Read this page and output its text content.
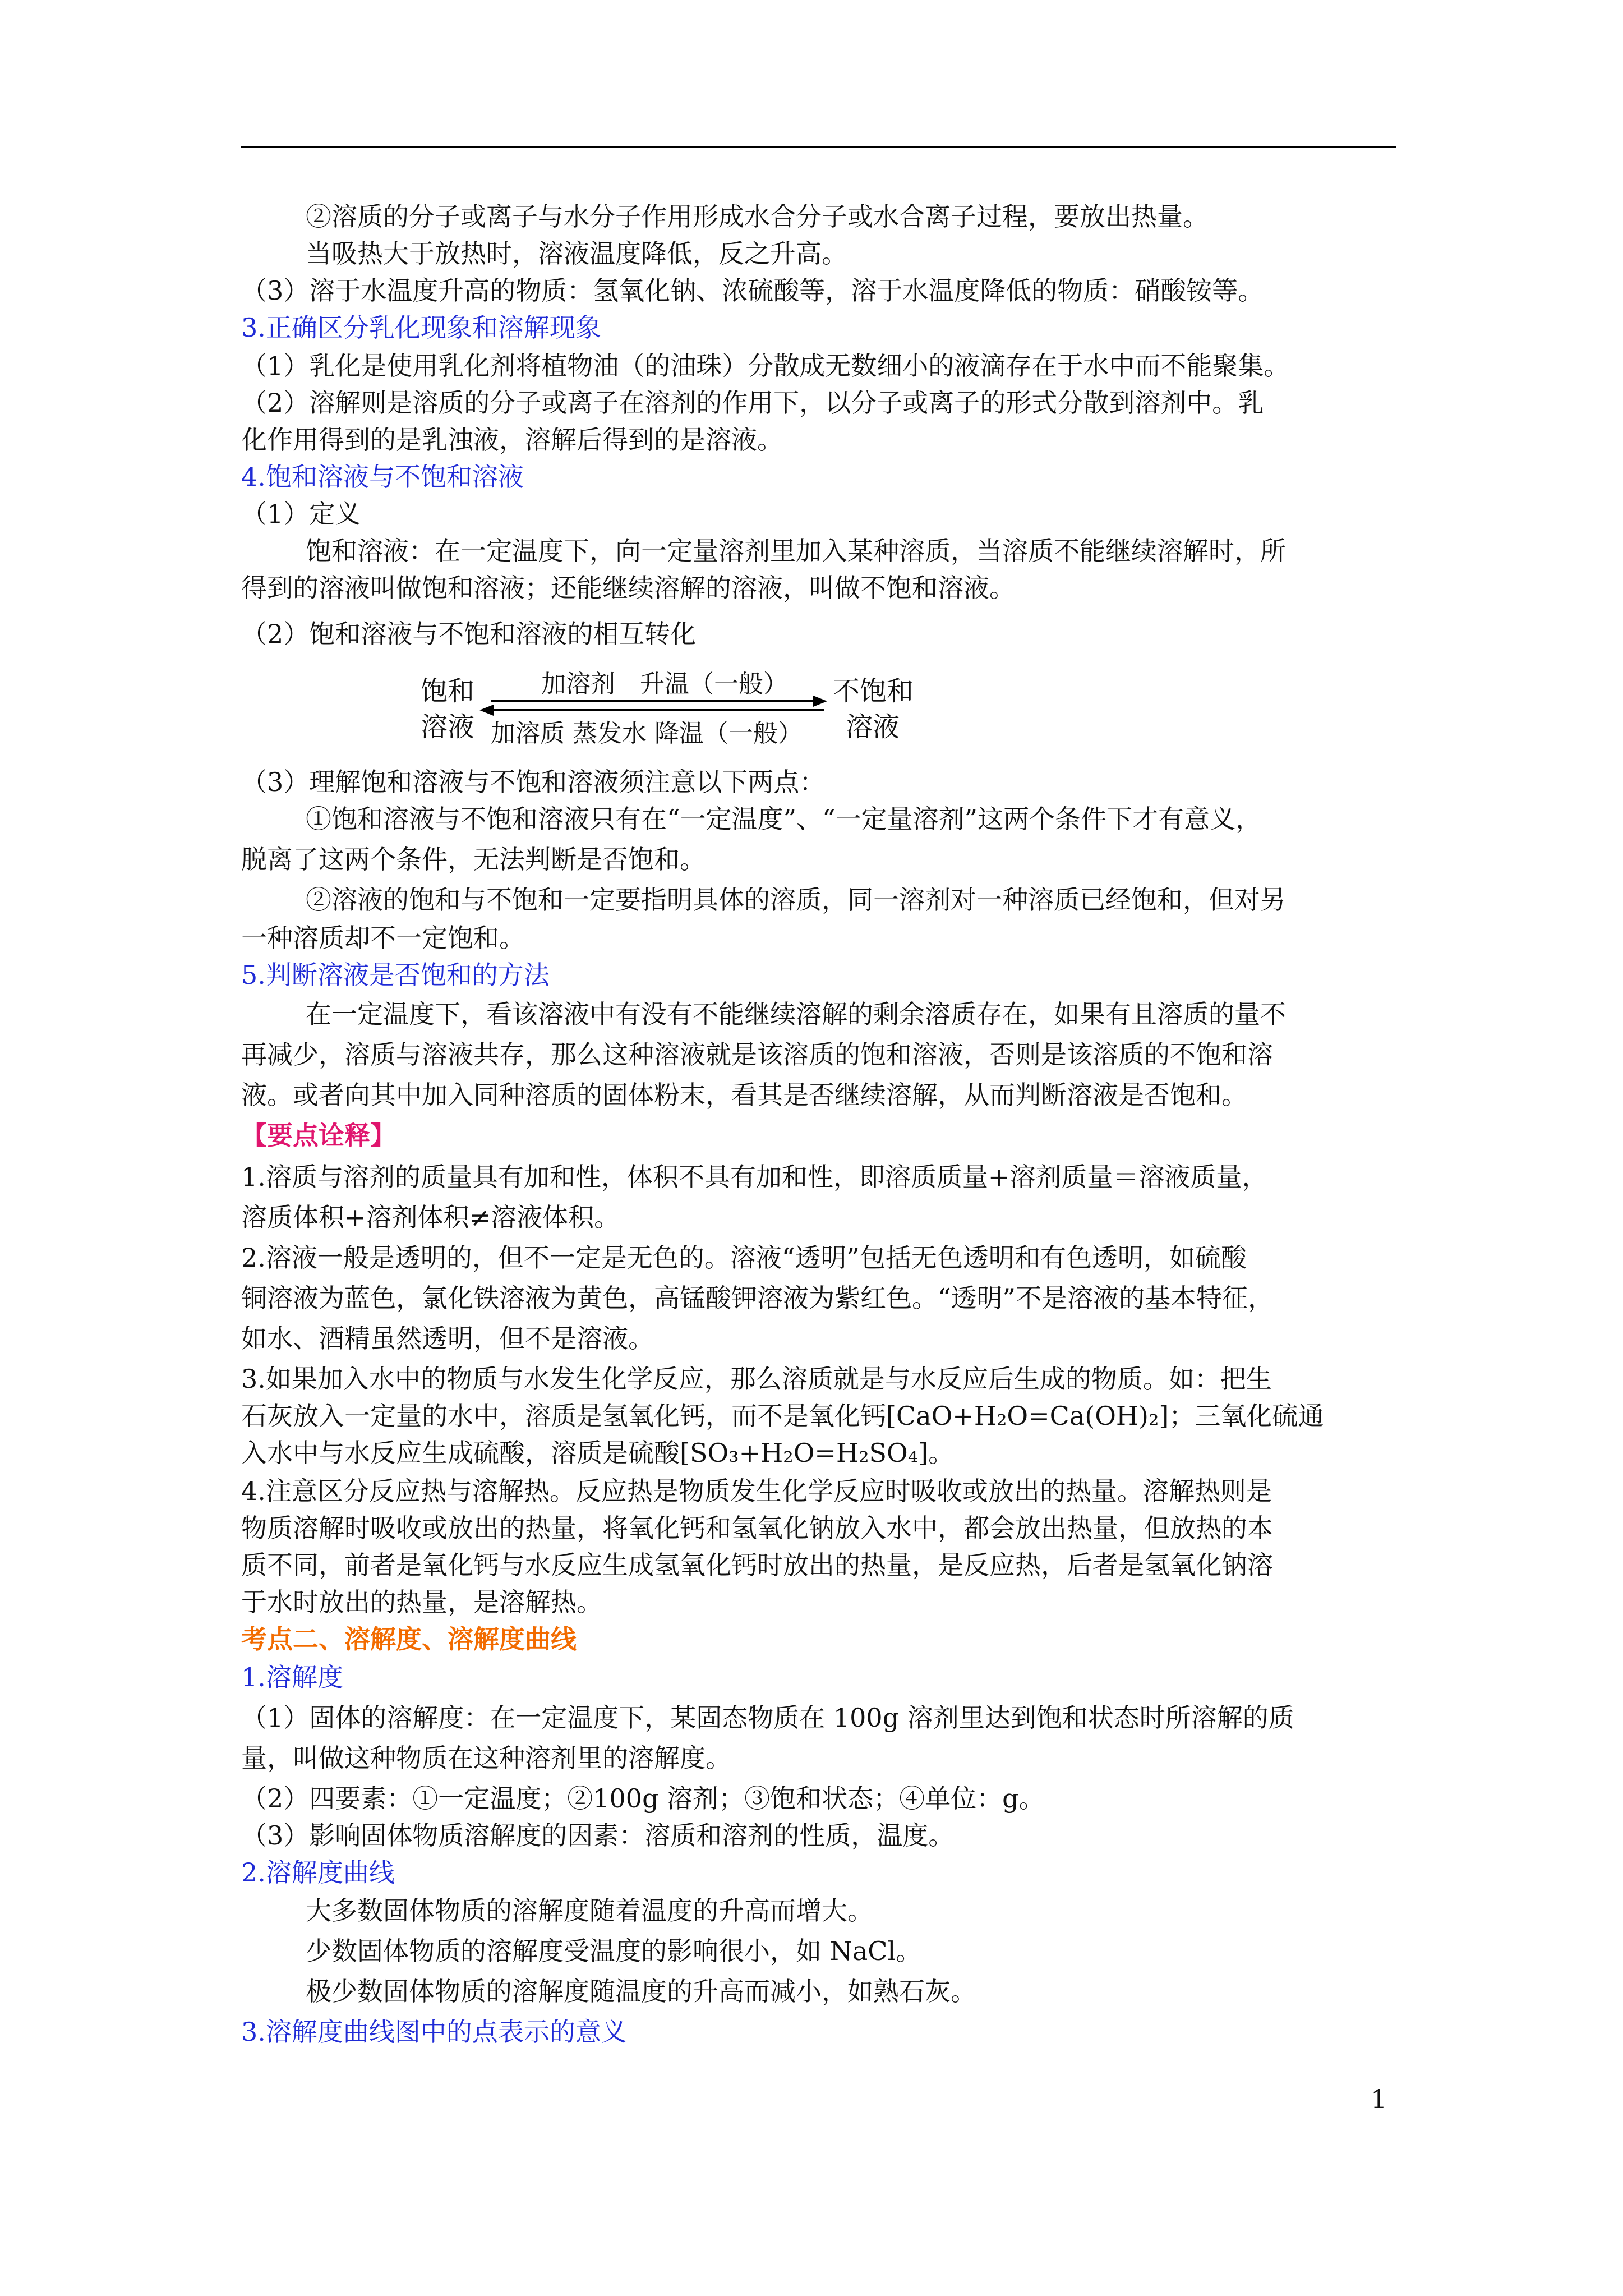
②溶质的分子或离子与水分子作用形成水合分子或水合离子过程，要放出热量。
当吸热大于放热时，溶液温度降低，反之升高。
（3）溶于水温度升高的物质：氢氧化钠、浓硫酸等，溶于水温度降低的物质：硝酸铵等。
3.正确区分乳化现象和溶解现象
（1）乳化是使用乳化剂将植物油（的油珠）分散成无数细小的液滴存在于水中而不能聚集。
（2）溶解则是溶质的分子或离子在溶剂的作用下，以分子或离子的形式分散到溶剂中。乳
化作用得到的是乳浊液，溶解后得到的是溶液。
4.饱和溶液与不饱和溶液
（1）定义
饱和溶液：在一定温度下，向一定量溶剂里加入某种溶质，当溶质不能继续溶解时，所
得到的溶液叫做饱和溶液；还能继续溶解的溶液，叫做不饱和溶液。
（2）饱和溶液与不饱和溶液的相互转化
饱和
溶液
不饱和
溶液
加溶剂　升温（一般）
加溶质 蒸发水 降温（一般）
（3）理解饱和溶液与不饱和溶液须注意以下两点：
①饱和溶液与不饱和溶液只有在“一定温度”、“一定量溶剂”这两个条件下才有意义，
脱离了这两个条件，无法判断是否饱和。
②溶液的饱和与不饱和一定要指明具体的溶质，同一溶剂对一种溶质已经饱和，但对另
一种溶质却不一定饱和。
5.判断溶液是否饱和的方法
在一定温度下，看该溶液中有没有不能继续溶解的剩余溶质存在，如果有且溶质的量不
再减少，溶质与溶液共存，那么这种溶液就是该溶质的饱和溶液，否则是该溶质的不饱和溶
液。或者向其中加入同种溶质的固体粉末，看其是否继续溶解，从而判断溶液是否饱和。
【要点诠释】
1.溶质与溶剂的质量具有加和性，体积不具有加和性，即溶质质量+溶剂质量＝溶液质量，
溶质体积+溶剂体积≠溶液体积。
2.溶液一般是透明的，但不一定是无色的。溶液“透明”包括无色透明和有色透明，如硫酸
铜溶液为蓝色，氯化铁溶液为黄色，高锰酸钾溶液为紫红色。“透明”不是溶液的基本特征，
如水、酒精虽然透明，但不是溶液。
3.如果加入水中的物质与水发生化学反应，那么溶质就是与水反应后生成的物质。如：把生
石灰放入一定量的水中，溶质是氢氧化钙，而不是氧化钙[CaO+H₂O=Ca(OH)₂]；三氧化硫通
入水中与水反应生成硫酸，溶质是硫酸[SO₃+H₂O=H₂SO₄]。
4.注意区分反应热与溶解热。反应热是物质发生化学反应时吸收或放出的热量。溶解热则是
物质溶解时吸收或放出的热量，将氧化钙和氢氧化钠放入水中，都会放出热量，但放热的本
质不同，前者是氧化钙与水反应生成氢氧化钙时放出的热量，是反应热，后者是氢氧化钠溶
于水时放出的热量，是溶解热。
考点二、溶解度、溶解度曲线
1.溶解度
（1）固体的溶解度：在一定温度下，某固态物质在 100g 溶剂里达到饱和状态时所溶解的质
量，叫做这种物质在这种溶剂里的溶解度。
（2）四要素：①一定温度；②100g 溶剂；③饱和状态；④单位：g。
（3）影响固体物质溶解度的因素：溶质和溶剂的性质，温度。
2.溶解度曲线
大多数固体物质的溶解度随着温度的升高而增大。
少数固体物质的溶解度受温度的影响很小，如 NaCl。
极少数固体物质的溶解度随温度的升高而减小，如熟石灰。
3.溶解度曲线图中的点表示的意义
1
